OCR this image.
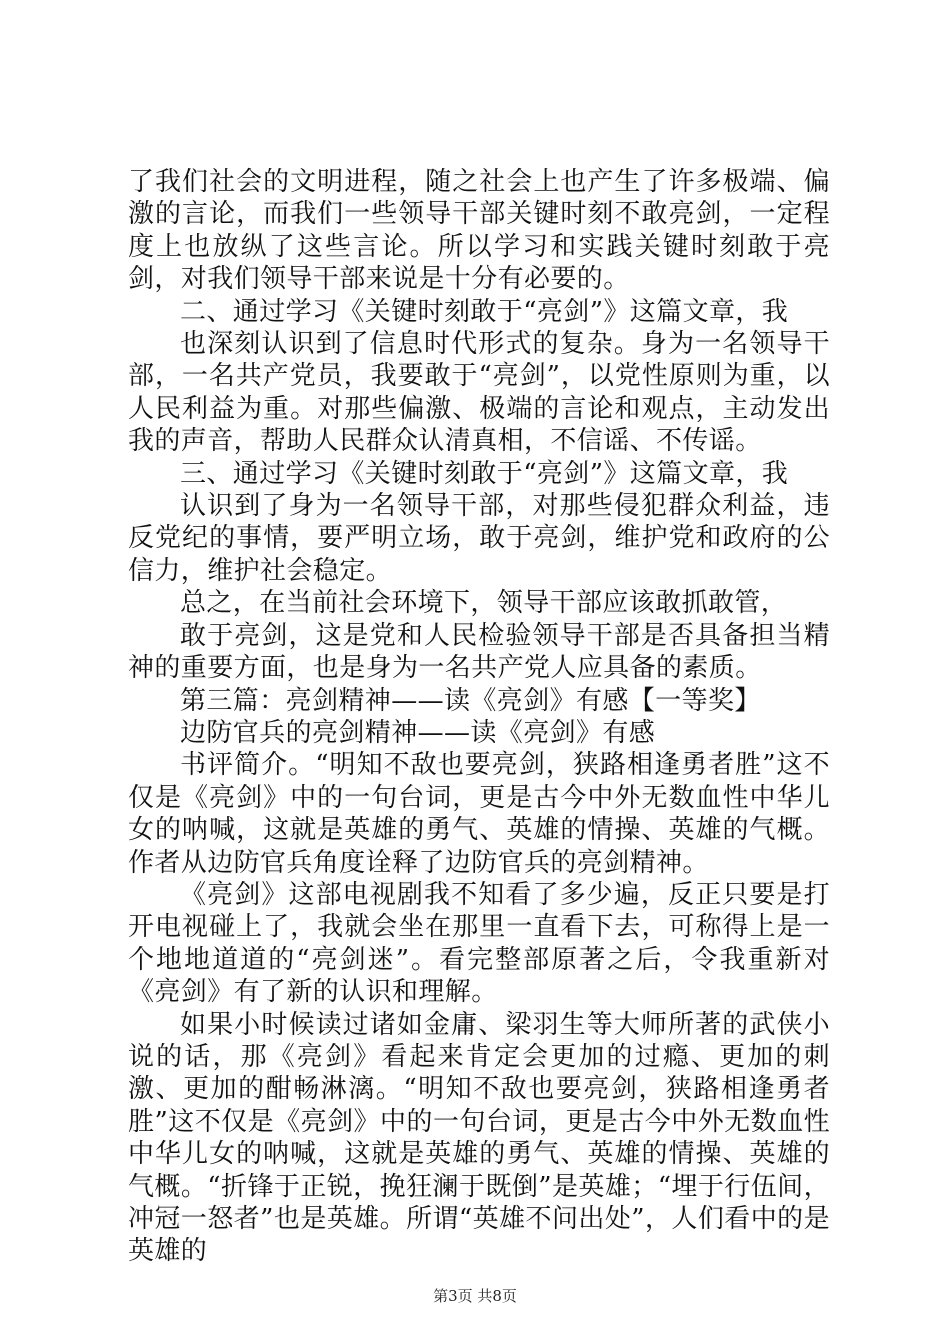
了我们社会的文明进程，随之社会上也产生了许多极端、偏激的言论，而我们一些领导干部关键时刻不敢亮剑，一定程度上也放纵了这些言论。所以学习和实践关键时刻敢于亮剑，对我们领导干部来说是十分有必要的。

二、通过学习《关键时刻敢于“亮剑”》这篇文章，我

也深刻认识到了信息时代形式的复杂。身为一名领导干部，一名共产党员，我要敢于“亮剑”，以党性原则为重，以人民利益为重。对那些偏激、极端的言论和观点，主动发出我的声音，帮助人民群众认清真相，不信谣、不传谣。

三、通过学习《关键时刻敢于“亮剑”》这篇文章，我

认识到了身为一名领导干部，对那些侵犯群众利益，违反党纪的事情，要严明立场，敢于亮剑，维护党和政府的公信力，维护社会稳定。

总之，在当前社会环境下，领导干部应该敢抓敢管，

敢于亮剑，这是党和人民检验领导干部是否具备担当精神的重要方面，也是身为一名共产党人应具备的素质。

第三篇：亮剑精神——读《亮剑》有感【一等奖】

边防官兵的亮剑精神——读《亮剑》有感

书评简介。“明知不敌也要亮剑，狭路相逢勇者胜”这不仅是《亮剑》中的一句台词，更是古今中外无数血性中华儿女的呐喊，这就是英雄的勇气、英雄的情操、英雄的气概。作者从边防官兵角度诠释了边防官兵的亮剑精神。

《亮剑》这部电视剧我不知看了多少遍，反正只要是打开电视碰上了，我就会坐在那里一直看下去，可称得上是一个地地道道的“亮剑迷”。看完整部原著之后，令我重新对《亮剑》有了新的认识和理解。

如果小时候读过诸如金庸、梁羽生等大师所著的武侠小说的话，那《亮剑》看起来肯定会更加的过瘾、更加的刺激、更加的酣畅淋漓。“明知不敌也要亮剑，狭路相逢勇者胜”这不仅是《亮剑》中的一句台词，更是古今中外无数血性中华儿女的呐喊，这就是英雄的勇气、英雄的情操、英雄的气概。“折锋于正锐，挽狂澜于既倒”是英雄；“埋于行伍间，冲冠一怒者”也是英雄。所谓“英雄不问出处”，人们看中的是英雄的

第3页 共8页
